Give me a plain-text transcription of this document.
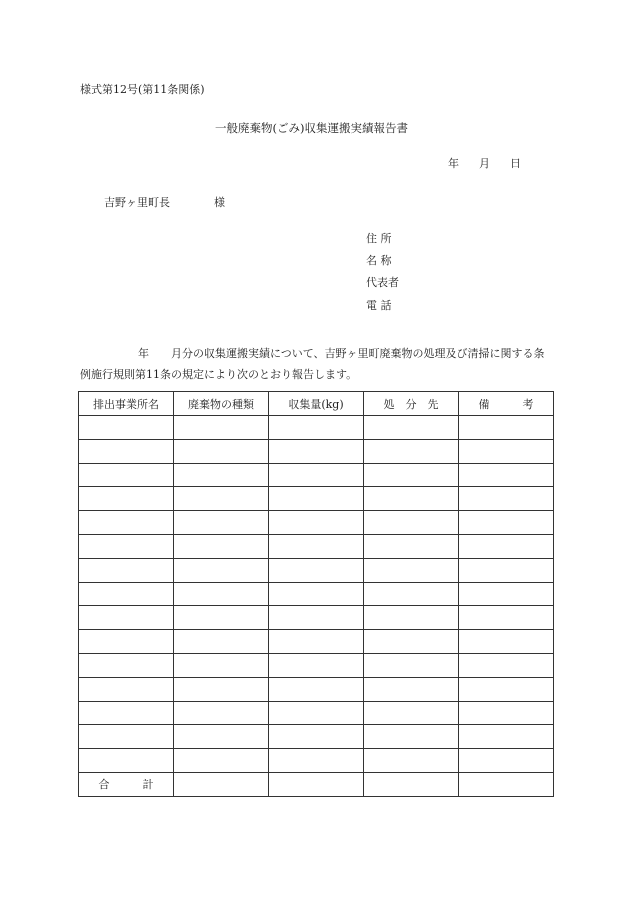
様式第12号(第11条関係)
一般廃棄物(ごみ)収集運搬実績報告書
年 月 日
吉野ヶ里町長	様
住 所
名 称
代表者
電 話
年 月分の収集運搬実績について、吉野ヶ里町廃棄物の処理及び清掃に関する条例施行規則第11条の規定により次のとおり報告します。
排出事業所名	廃棄物の種類	収集量(kg)	処　分　先	備　　　考

合　　　計				
